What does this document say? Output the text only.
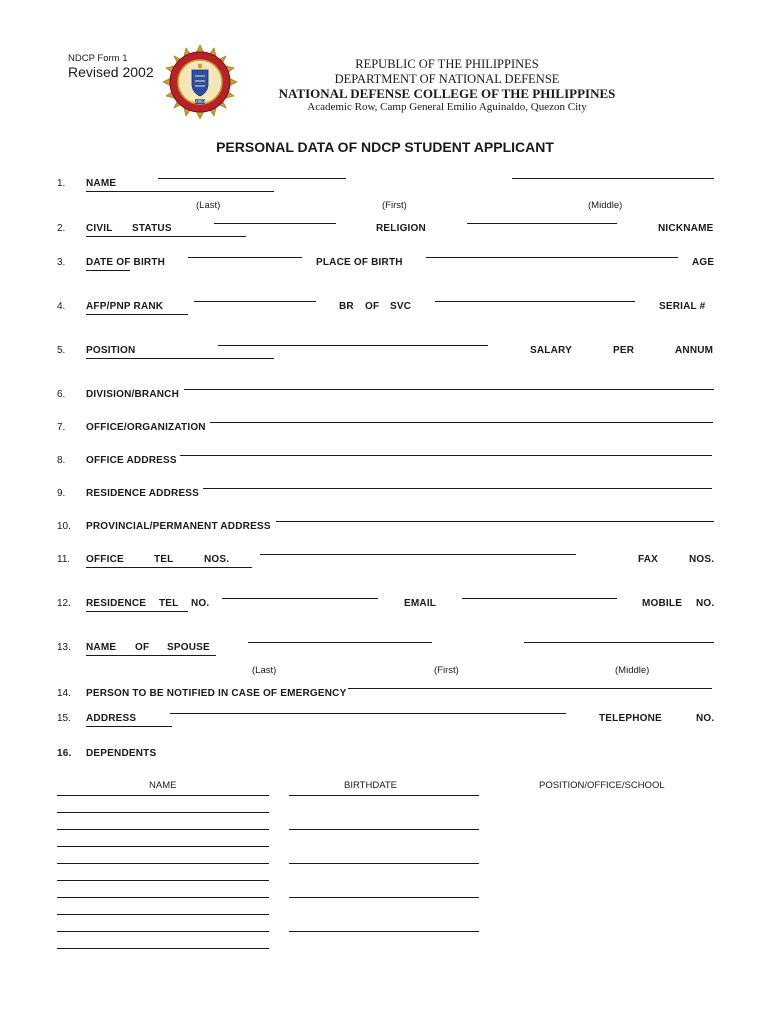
NDCP Form 1
Revised 2002
1963
REPUBLIC OF THE PHILIPPINES
DEPARTMENT OF NATIONAL DEFENSE
NATIONAL DEFENSE COLLEGE OF THE PHILIPPINES
Academic Row, Camp General Emilio Aguinaldo, Quezon City
PERSONAL DATA OF NDCP STUDENT APPLICANT
1. NAME
(Last)	(First)	(Middle)
2. CIVIL STATUS	RELIGION	NICKNAME
3. DATE OF BIRTH	PLACE OF BIRTH	AGE
4. AFP/PNP RANK	BR OF SVC	SERIAL #
5. POSITION	SALARY	PER	ANNUM
6. DIVISION/BRANCH
7. OFFICE/ORGANIZATION
8. OFFICE ADDRESS
9. RESIDENCE ADDRESS
10. PROVINCIAL/PERMANENT ADDRESS
11. OFFICE	TEL	NOS.	FAX	NOS.
12. RESIDENCE TEL NO.	EMAIL	MOBILE NO.
13. NAME OF SPOUSE
(Last)	(First)	(Middle)
14. PERSON TO BE NOTIFIED IN CASE OF EMERGENCY
15. ADDRESS	TELEPHONE	NO.
16. DEPENDENTS
NAME	BIRTHDATE	POSITION/OFFICE/SCHOOL
